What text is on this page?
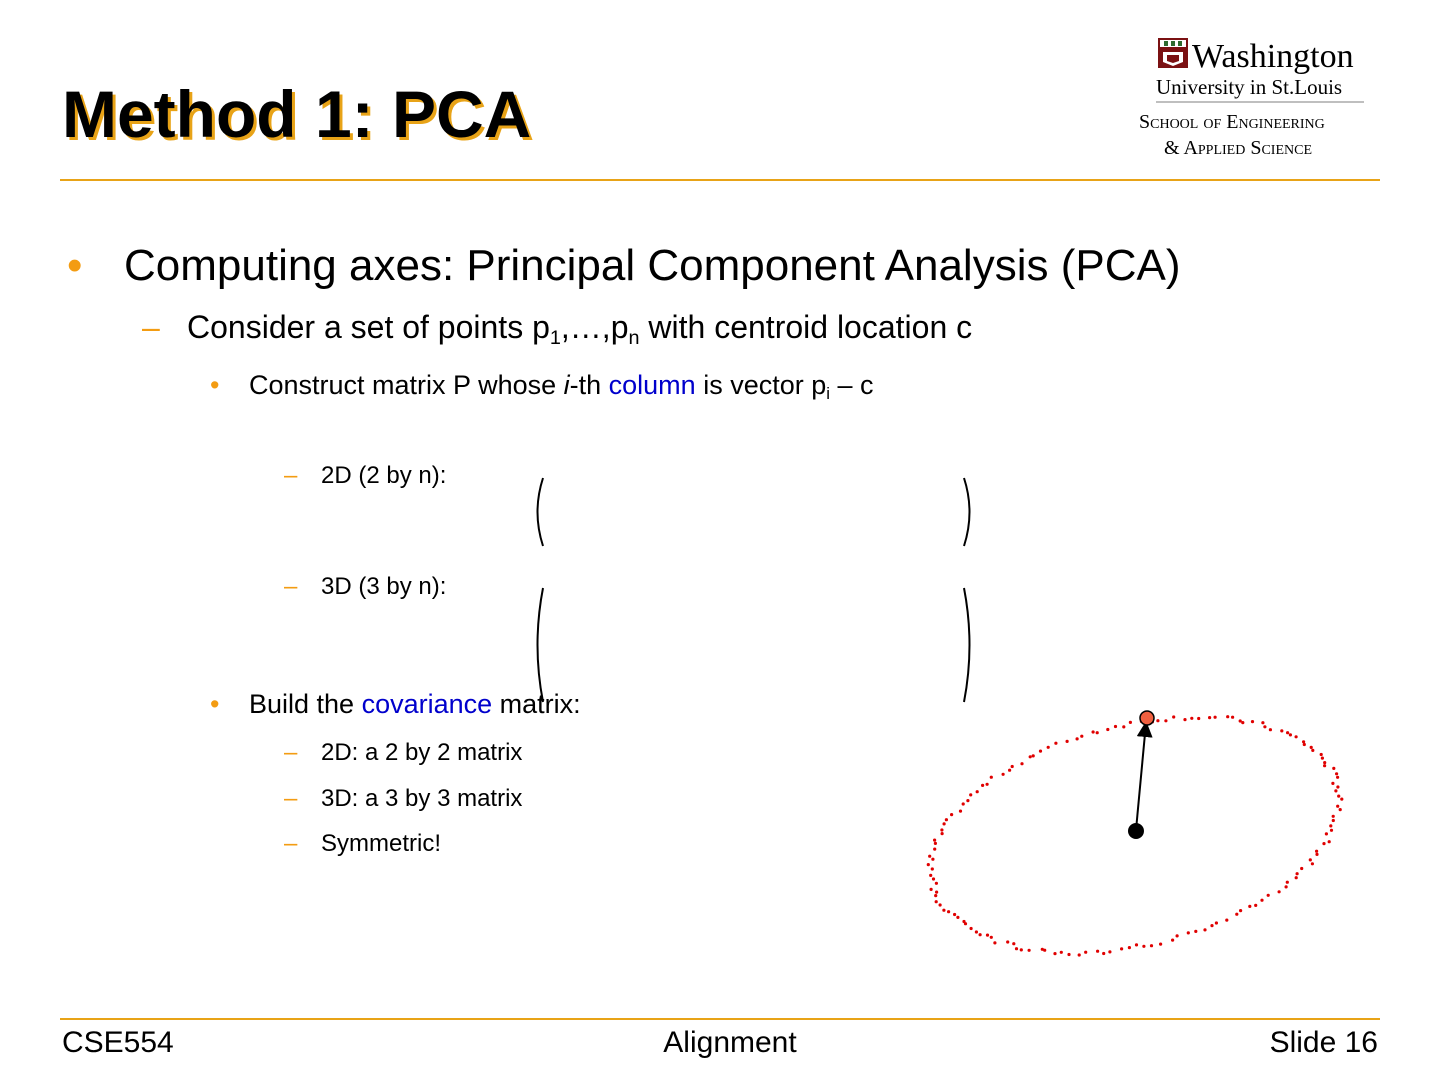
Method 1: PCA
Washington
University in St.Louis
School of Engineering
& Applied Science
• Computing axes: Principal Component Analysis (PCA)
– Consider a set of points $p_1,\dots,p_n$ with centroid location c
• Construct matrix P whose i-th column is vector $p_i$ – c
– 2D (2 by n):
– 3D (3 by n):
• Build the covariance matrix:
– 2D: a 2 by 2 matrix
– 3D: a 3 by 3 matrix
– Symmetric!
CSE554	Alignment	Slide 16
